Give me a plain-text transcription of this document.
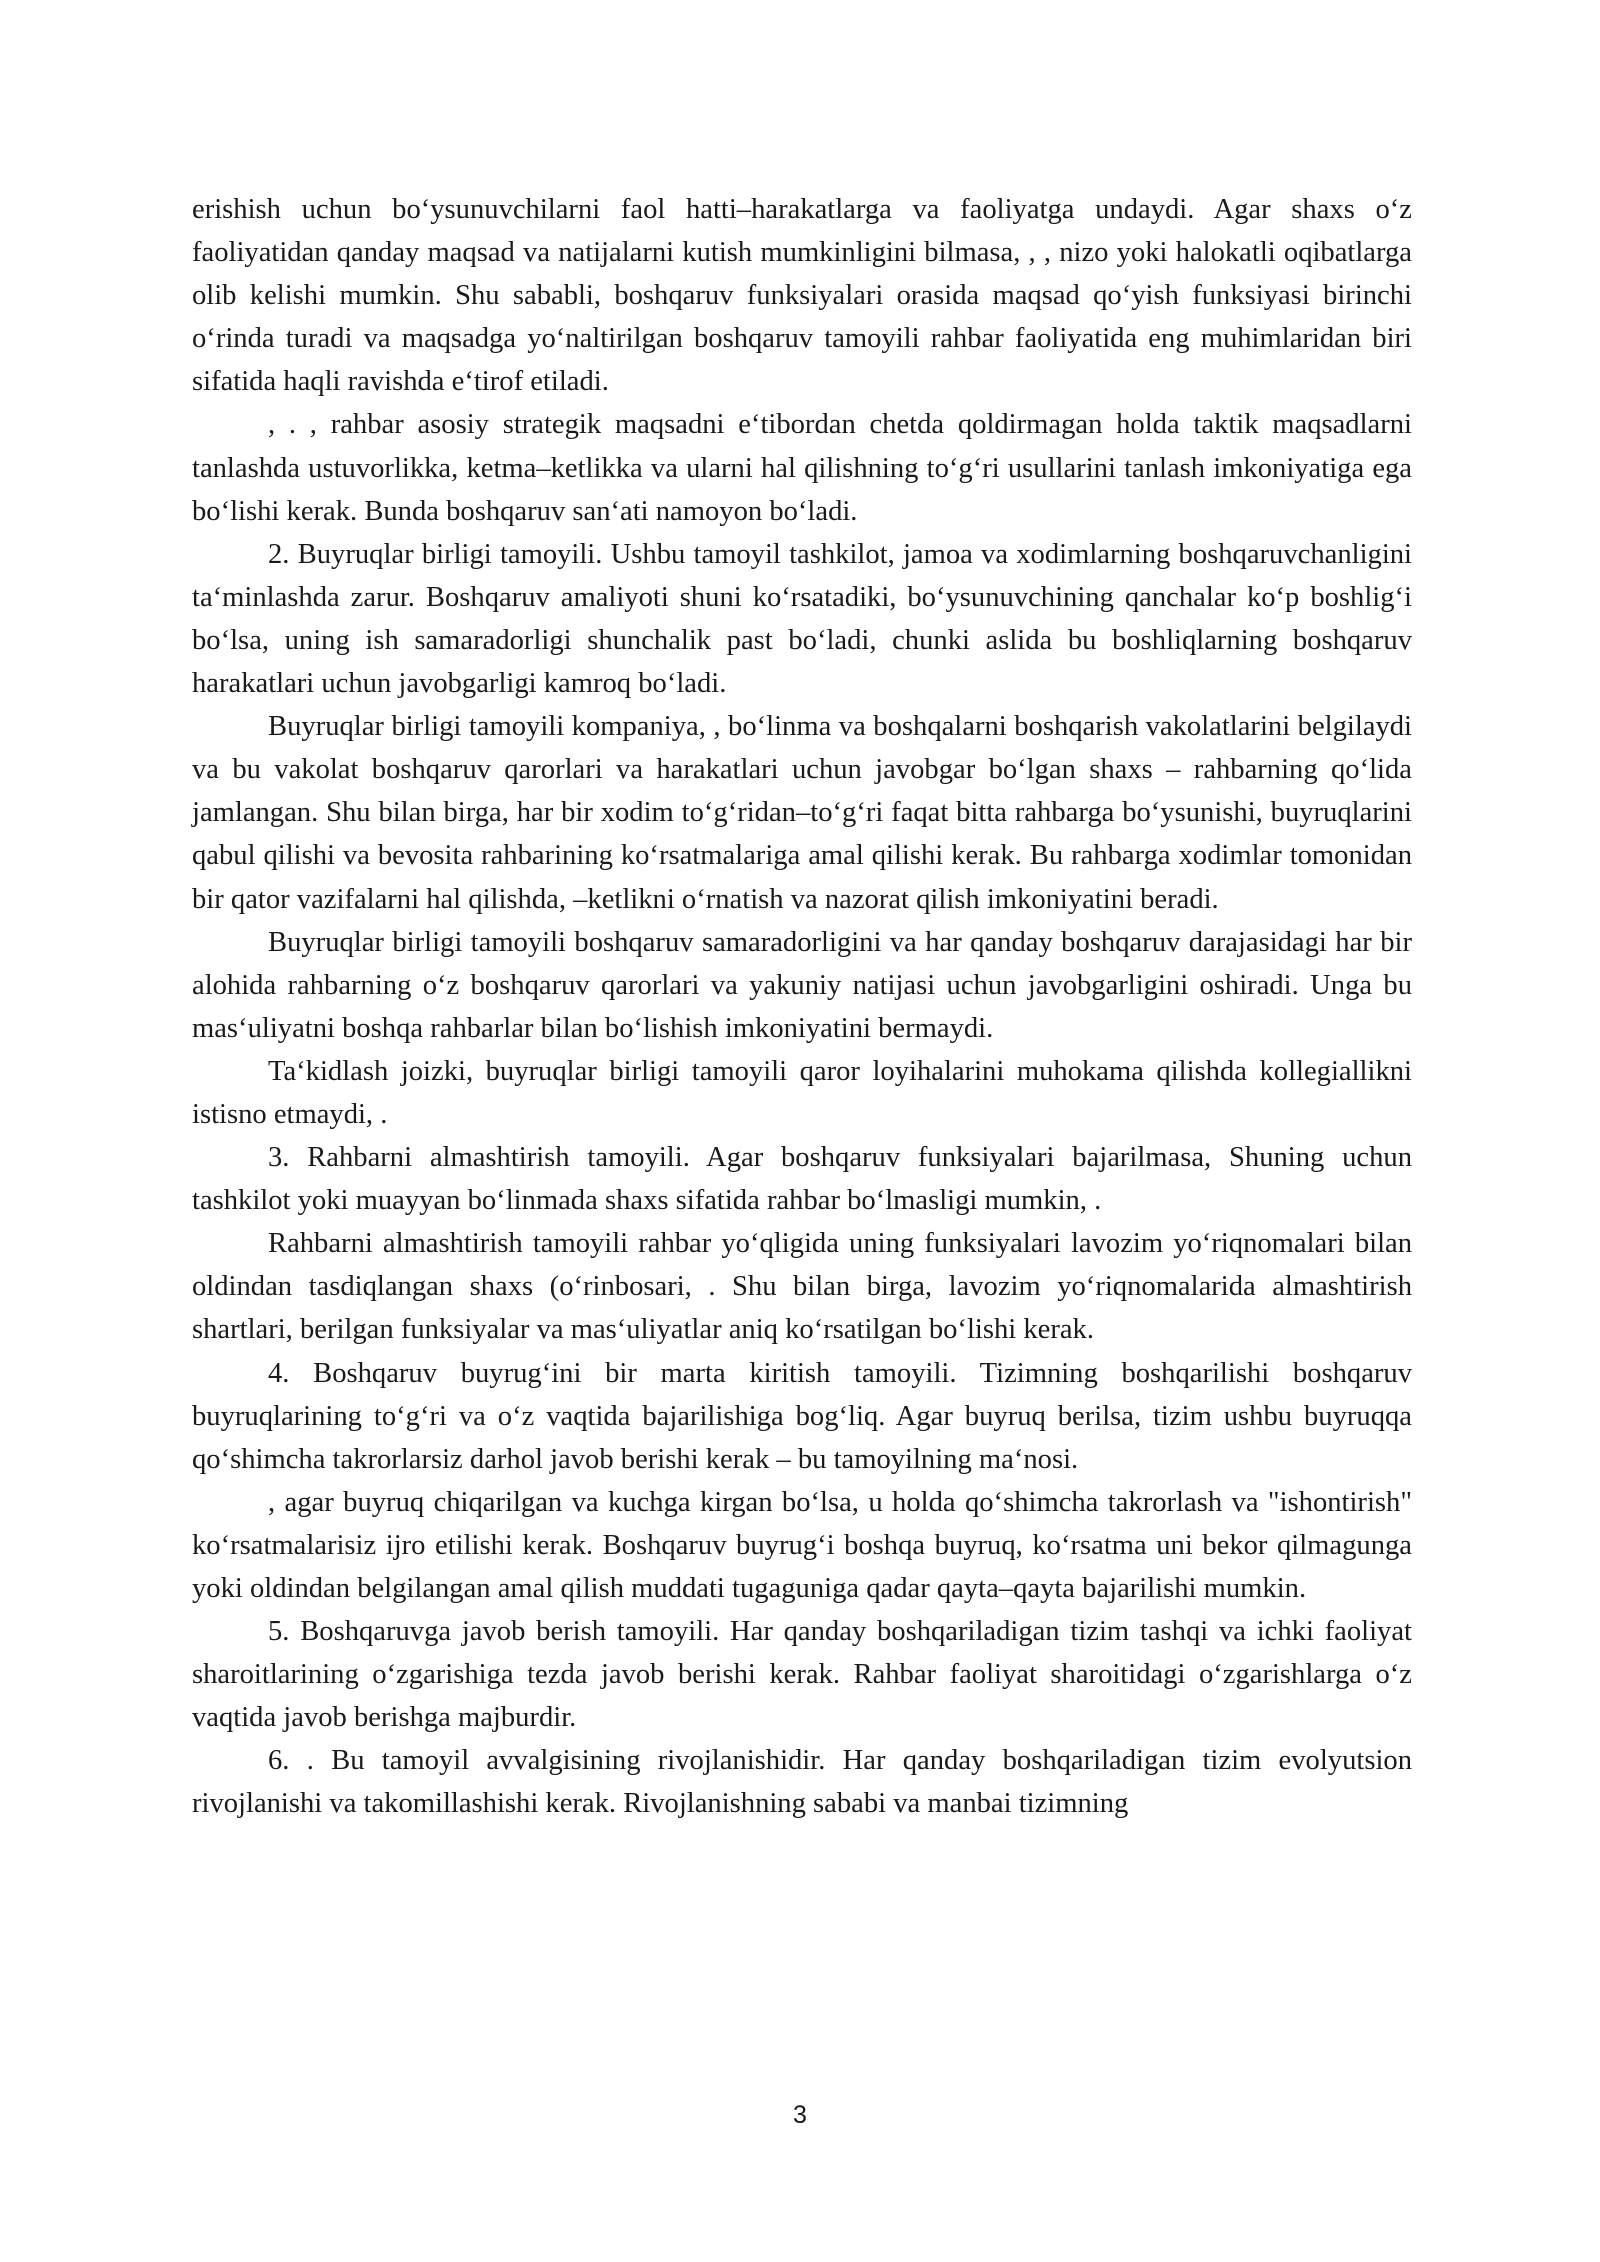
erishish uchun bo‘ysunuvchilarni faol hatti–harakatlarga va faoliyatga undaydi. Agar shaxs o‘z faoliyatidan qanday maqsad va natijalarni kutish mumkinligini bilmasa, , , nizo yoki halokatli oqibatlarga olib kelishi mumkin. Shu sababli, boshqaruv funksiyalari orasida maqsad qo‘yish funksiyasi birinchi o‘rinda turadi va maqsadga yo‘naltirilgan boshqaruv tamoyili rahbar faoliyatida eng muhimlaridan biri sifatida haqli ravishda e‘tirof etiladi.

, . , rahbar asosiy strategik maqsadni e‘tibordan chetda qoldirmagan holda taktik maqsadlarni tanlashda ustuvorlikka, ketma–ketlikka va ularni hal qilishning to‘g‘ri usullarini tanlash imkoniyatiga ega bo‘lishi kerak. Bunda boshqaruv san‘ati namoyon bo‘ladi.

2. Buyruqlar birligi tamoyili. Ushbu tamoyil tashkilot, jamoa va xodimlarning boshqaruvchanligini ta‘minlashda zarur. Boshqaruv amaliyoti shuni ko‘rsatadiki, bo‘ysunuvchining qanchalar ko‘p boshlig‘i bo‘lsa, uning ish samaradorligi shunchalik past bo‘ladi, chunki aslida bu boshliqlarning boshqaruv harakatlari uchun javobgarligi kamroq bo‘ladi.

Buyruqlar birligi tamoyili kompaniya, , bo‘linma va boshqalarni boshqarish vakolatlarini belgilaydi va bu vakolat boshqaruv qarorlari va harakatlari uchun javobgar bo‘lgan shaxs – rahbarning qo‘lida jamlangan. Shu bilan birga, har bir xodim to‘g‘ridan–to‘g‘ri faqat bitta rahbarga bo‘ysunishi, buyruqlarini qabul qilishi va bevosita rahbarining ko‘rsatmalariga amal qilishi kerak. Bu rahbarga xodimlar tomonidan bir qator vazifalarni hal qilishda, –ketlikni o‘rnatish va nazorat qilish imkoniyatini beradi.

Buyruqlar birligi tamoyili boshqaruv samaradorligini va har qanday boshqaruv darajasidagi har bir alohida rahbarning o‘z boshqaruv qarorlari va yakuniy natijasi uchun javobgarligini oshiradi. Unga bu mas‘uliyatni boshqa rahbarlar bilan bo‘lishish imkoniyatini bermaydi.

Ta‘kidlash joizki, buyruqlar birligi tamoyili qaror loyihalarini muhokama qilishda kollegiallikni istisno etmaydi, .

3. Rahbarni almashtirish tamoyili. Agar boshqaruv funksiyalari bajarilmasa, Shuning uchun tashkilot yoki muayyan bo‘linmada shaxs sifatida rahbar bo‘lmasligi mumkin, .

Rahbarni almashtirish tamoyili rahbar yo‘qligida uning funksiyalari lavozim yo‘riqnomalari bilan oldindan tasdiqlangan shaxs (o‘rinbosari, . Shu bilan birga, lavozim yo‘riqnomalarida almashtirish shartlari, berilgan funksiyalar va mas‘uliyatlar aniq ko‘rsatilgan bo‘lishi kerak.

4. Boshqaruv buyrug‘ini bir marta kiritish tamoyili. Tizimning boshqarilishi boshqaruv buyruqlarining to‘g‘ri va o‘z vaqtida bajarilishiga bog‘liq. Agar buyruq berilsa, tizim ushbu buyruqqa qo‘shimcha takrorlarsiz darhol javob berishi kerak – bu tamoyilning ma‘nosi.

, agar buyruq chiqarilgan va kuchga kirgan bo‘lsa, u holda qo‘shimcha takrorlash va "ishontirish" ko‘rsatmalarisiz ijro etilishi kerak. Boshqaruv buyrug‘i boshqa buyruq, ko‘rsatma uni bekor qilmagunga yoki oldindan belgilangan amal qilish muddati tugaguniga qadar qayta–qayta bajarilishi mumkin.

5. Boshqaruvga javob berish tamoyili. Har qanday boshqariladigan tizim tashqi va ichki faoliyat sharoitlarining o‘zgarishiga tezda javob berishi kerak. Rahbar faoliyat sharoitidagi o‘zgarishlarga o‘z vaqtida javob berishga majburdir.

6. . Bu tamoyil avvalgisining rivojlanishidir. Har qanday boshqariladigan tizim evolyutsion rivojlanishi va takomillashishi kerak. Rivojlanishning sababi va manbai tizimning

3
